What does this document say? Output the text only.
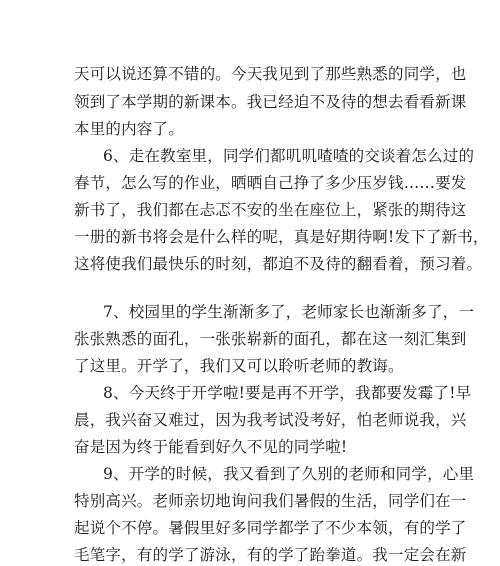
天可以说还算不错的。今天我见到了那些熟悉的同学，也
领到了本学期的新课本。我已经迫不及待的想去看看新课
本里的内容了。
6、走在教室里，同学们都叽叽喳喳的交谈着怎么过的
春节，怎么写的作业，晒晒自己挣了多少压岁钱……要发
新书了，我们都在忐忑不安的坐在座位上，紧张的期待这
一册的新书将会是什么样的呢，真是好期待啊!发下了新书，
这将使我们最快乐的时刻，都迫不及待的翻看着，预习着。
7、校园里的学生渐渐多了，老师家长也渐渐多了，一
张张熟悉的面孔，一张张崭新的面孔，都在这一刻汇集到
了这里。开学了，我们又可以聆听老师的教诲。
8、今天终于开学啦!要是再不开学，我都要发霉了!早
晨，我兴奋又难过，因为我考试没考好，怕老师说我，兴
奋是因为终于能看到好久不见的同学啦!
9、开学的时候，我又看到了久别的老师和同学，心里
特别高兴。老师亲切地询问我们暑假的生活，同学们在一
起说个不停。暑假里好多同学都学了不少本领，有的学了
毛笔字，有的学了游泳，有的学了跆拳道。我一定会在新
